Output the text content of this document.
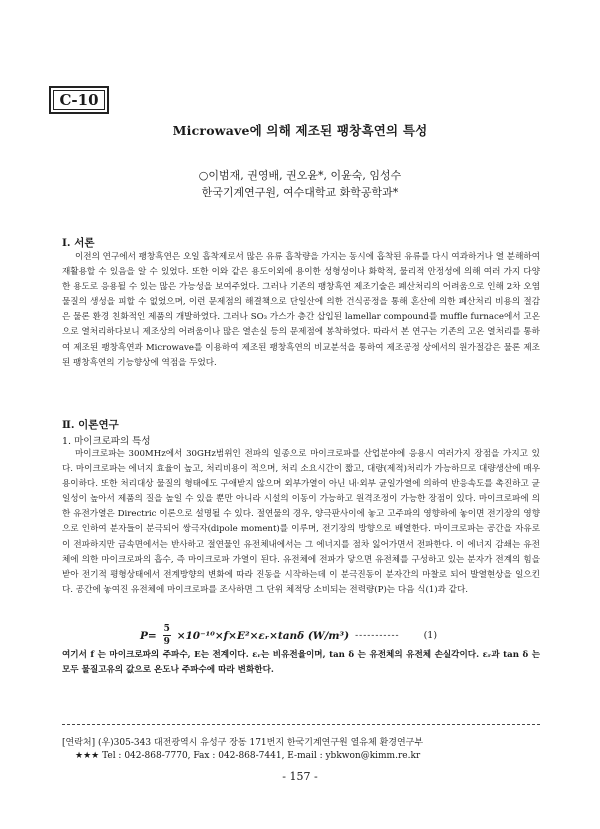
C-10
Microwave에 의해 제조된 팽창흑연의 특성
○이범재, 권영배, 권오윤*, 이윤숙, 임성수
한국기계연구원, 여수대학교 화학공학과*
Ⅰ. 서론

이전의 연구에서 팽창흑연은 오일 흡착제로서 많은 유류 흡착량을 가지는 동시에 흡착된 유류를 다시 여과하거나 열 분해하여 재활용할 수 있음을 알 수 있었다. 또한 이와 같은 용도이외에 용이한 성형성이나 화학적, 물리적 안정성에 의해 여러 가지 다양한 용도로 응용될 수 있는 많은 가능성을 보여주었다. 그러나 기존의 팽창흑연 제조기술은 폐산처리의 어려움으로 인해 2차 오염물질의 생성을 피할 수 없었으며, 이런 문제점의 해결책으로 단일산에 의한 건식공정을 통해 혼산에 의한 폐산처리 비용의 절감은 물론 환경 친화적인 제품의 개발하였다. 그러나 SO₃ 가스가 층간 삽입된 lamellar compound를 muffle furnace에서 고온으로 열처리하다보니 제조상의 어려움이나 많은 열손실 등의 문제점에 봉착하였다. 따라서 본 연구는 기존의 고온 열처리를 통하여 제조된 팽창흑연과 Microwave를 이용하여 제조된 팽창흑연의 비교분석을 통하여 제조공정 상에서의 원가절감은 물론 제조된 팽창흑연의 기능향상에 역점을 두었다.

Ⅱ. 이론연구
1. 마이크로파의 특성

마이크로파는 300MHz에서 30GHz범위인 전파의 일종으로 마이크로파를 산업분야에 응용시 여러가지 장점을 가지고 있다. 마이크로파는 에너지 효율이 높고, 처리비용이 적으며, 처리 소요시간이 짧고, 대량(제적)처리가 가능하므로 대량생산에 매우 용이하다. 또한 처리대상 물질의 형태에도 구애받지 않으며 외부가열이 아닌 내·외부 균일가열에 의하여 반응속도를 촉진하고 균일성이 높아서 제품의 질을 높일 수 있을 뿐만 아니라 시설의 이동이 가능하고 원격조정이 가능한 장점이 있다. 마이크로파에 의한 유전가열은 Directric 이론으로 설명될 수 있다. 절연물의 경우, 양극판사이에 놓고 고주파의 영향하에 놓이면 전기장의 영향으로 인하여 분자들이 분극되어 쌍극자(dipole moment)를 이루며, 전기장의 방향으로 배열한다. 마이크로파는 공간을 자유로이 전파하지만 금속면에서는 반사하고 절연물인 유전체내에서는 그 에너지를 점차 잃어가면서 전파한다. 이 에너지 감쇄는 유전체에 의한 마이크로파의 흡수, 즉 마이크로파 가열이 된다. 유전체에 전파가 닿으면 유전체를 구성하고 있는 분자가 전계의 힘을 받아 전기적 평형상태에서 전계방향의 변화에 따라 진동을 시작하는데 이 분극진동이 분자간의 마찰로 되어 발열현상을 일으킨다. 공간에 놓여진 유전체에 마이크로파를 조사하면 그 단위 체적당 소비되는 전력량(P)는 다음 식(1)과 같다.

$P= \frac{5}{9}$ ×10⁻¹⁰×f×E²×εᵣ×tanδ (W/m³) -----------	(1)

여기서 f 는 마이크로파의 주파수, E는 전계이다. εᵣ는 비유전율이며, tan δ 는 유전체의 유전체 손실각이다. εᵣ과 tan δ 는 모두 물질고유의 값으로 온도나 주파수에 따라 변화한다.

[연락처] (우)305-343 대전광역시 유성구 장동 171번지 한국기계연구원 열유체 환경연구부
★★★ Tel : 042-868-7770, Fax : 042-868-7441, E-mail : ybkwon@kimm.re.kr
- 157 -
